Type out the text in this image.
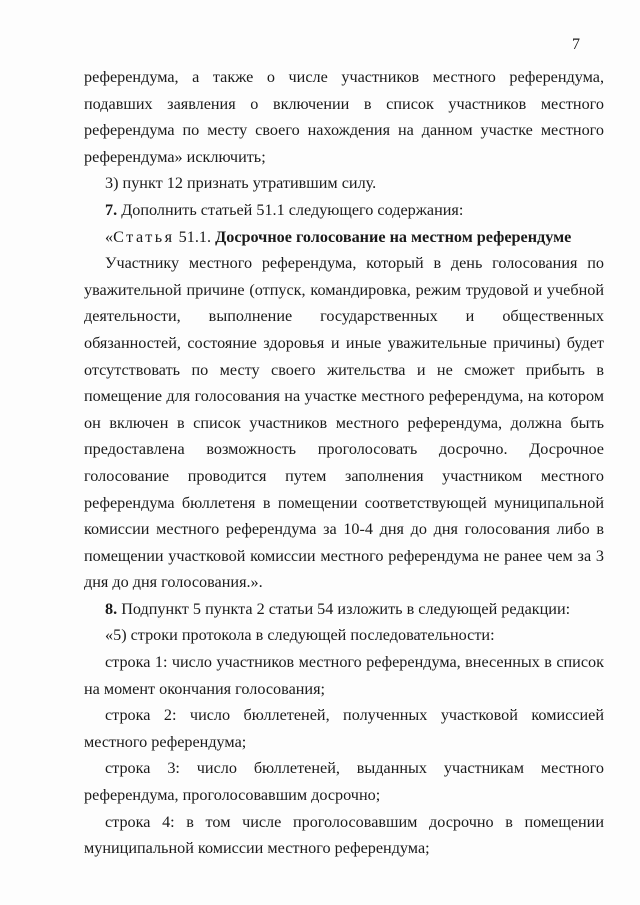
7

референдума, а также о числе участников местного референдума, подавших заявления о включении в список участников местного референдума по месту своего нахождения на данном участке местного референдума» исключить;

3) пункт 12 признать утратившим силу.

7. Дополнить статьей 51.1 следующего содержания:

«Статья 51.1. Досрочное голосование на местном референдуме

Участнику местного референдума, который в день голосования по уважительной причине (отпуск, командировка, режим трудовой и учебной деятельности, выполнение государственных и общественных обязанностей, состояние здоровья и иные уважительные причины) будет отсутствовать по месту своего жительства и не сможет прибыть в помещение для голосования на участке местного референдума, на котором он включен в список участников местного референдума, должна быть предоставлена возможность проголосовать досрочно. Досрочное голосование проводится путем заполнения участником местного референдума бюллетеня в помещении соответствующей муниципальной комиссии местного референдума за 10-4 дня до дня голосования либо в помещении участковой комиссии местного референдума не ранее чем за 3 дня до дня голосования.».

8. Подпункт 5 пункта 2 статьи 54 изложить в следующей редакции:

«5) строки протокола в следующей последовательности:

строка 1: число участников местного референдума, внесенных в список на момент окончания голосования;

строка 2: число бюллетеней, полученных участковой комиссией местного референдума;

строка 3: число бюллетеней, выданных участникам местного референдума, проголосовавшим досрочно;

строка 4: в том числе проголосовавшим досрочно в помещении муниципальной комиссии местного референдума;
